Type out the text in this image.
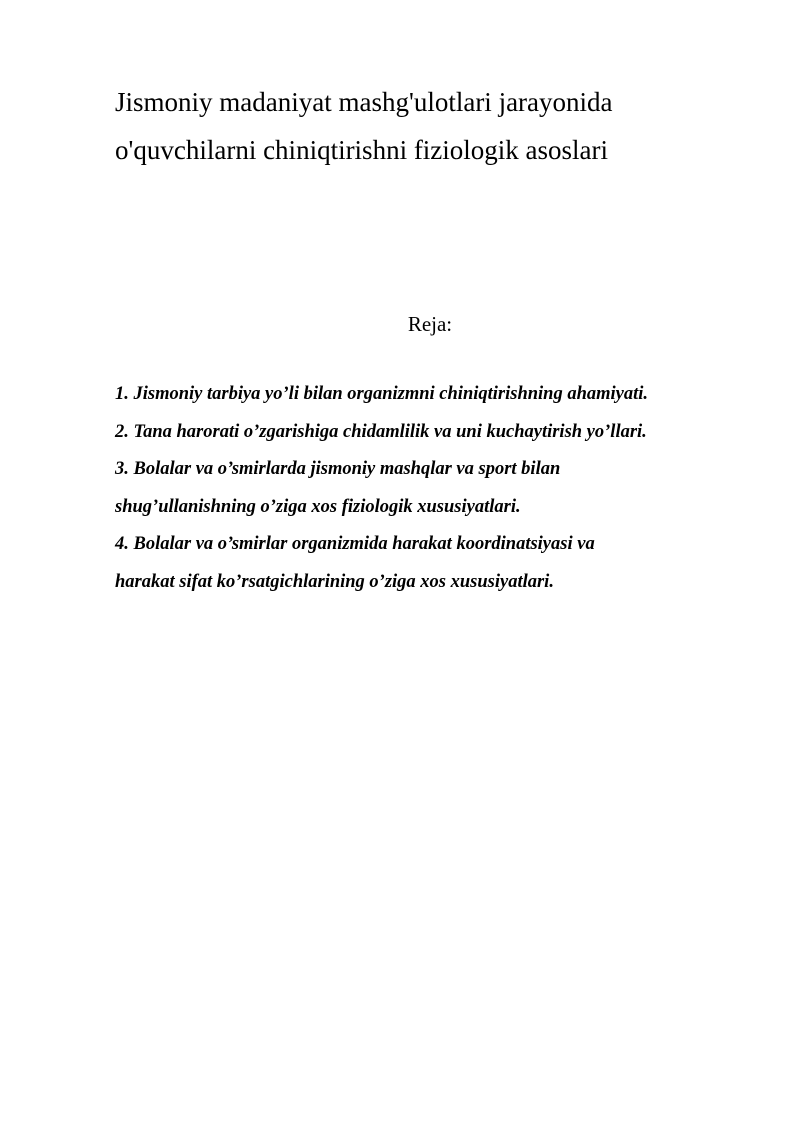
Jismoniy madaniyat mashg'ulotlari jarayonida

o'quvchilarni chiniqtirishni fiziologik asoslari

Reja:

1. Jismoniy tarbiya yo’li bilan organizmni chiniqtirishning ahamiyati.

2. Tana harorati o’zgarishiga chidamlilik va uni kuchaytirish yo’llari.

3. Bolalar va o’smirlarda jismoniy mashqlar va sport bilan

shug’ullanishning o’ziga xos fiziologik xususiyatlari.

4. Bolalar va o’smirlar organizmida harakat koordinatsiyasi va

harakat sifat ko’rsatgichlarining o’ziga xos xususiyatlari.
